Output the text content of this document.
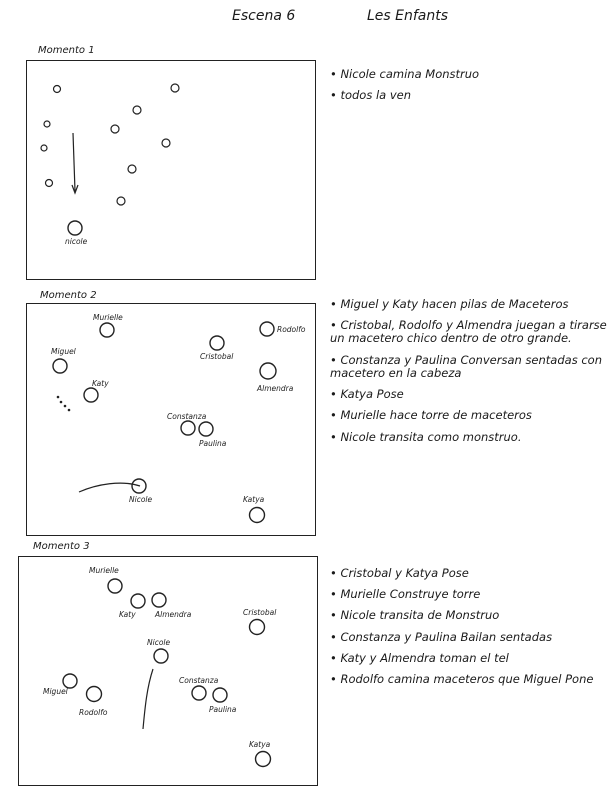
Escena 6	Les Enfants
Momento 1
nicole
• Nicole camina Monstruo
• todos la ven
Momento 2
Murielle
Rodolfo
Miguel
Cristobal
Katy
Almendra
Constanza
Paulina
Nicole	Katya
• Miguel y Katy hacen pilas de Maceteros
• Cristobal, Rodolfo y Almendra juegan a tirarse un macetero chico dentro de otro grande.
• Constanza y Paulina Conversan sentadas con macetero en la cabeza
• Katya Pose
• Murielle hace torre de maceteros
• Nicole transita como monstruo.
Momento 3
Murielle
Katy	Almendra	Cristobal
Nicole
Miguel
Rodolfo
Constanza
Paulina
Katya
• Cristobal y Katya Pose
• Murielle Construye torre
• Nicole transita de Monstruo
• Constanza y Paulina Bailan sentadas
• Katy y Almendra toman el tel
• Rodolfo camina maceteros que Miguel Pone
